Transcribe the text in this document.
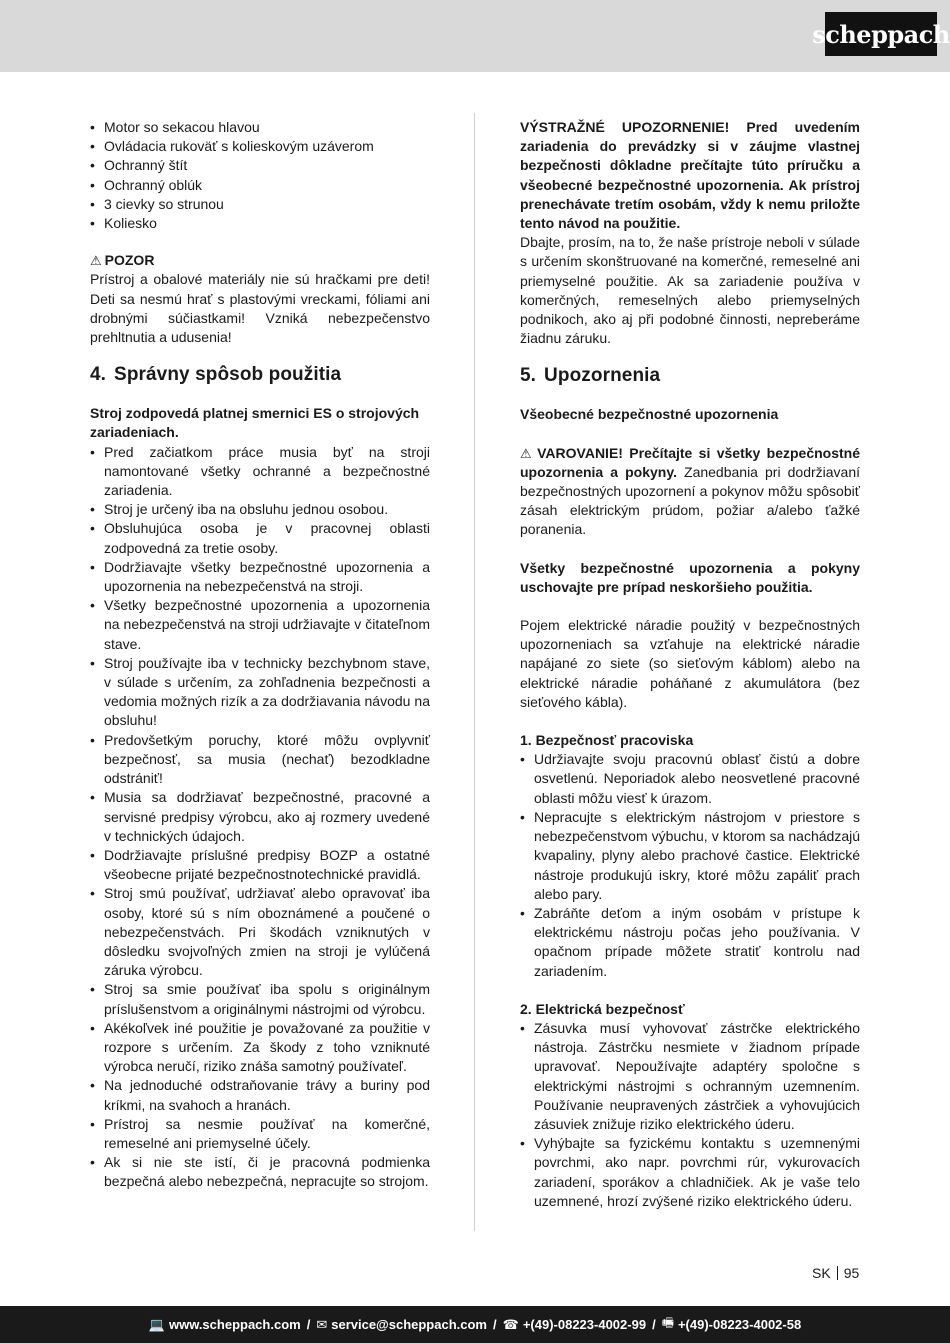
scheppach
• Motor so sekacou hlavou
• Ovládacia rukoväť s kolieskovým uzáverom
• Ochranný štít
• Ochranný oblúk
• 3 cievky so strunou
• Koliesko
⚠ POZOR

Prístroj a obalové materiály nie sú hračkami pre deti! Deti sa nesmú hrať s plastovými vreckami, fóliami ani drobnými súčiastkami! Vzniká nebezpečenstvo prehltnutia a udusenia!

4. Správny spôsob použitia

Stroj zodpovedá platnej smernici ES o strojových zariadeniach.

• Pred začiatkom práce musia byť na stroji namontované všetky ochranné a bezpečnostné zariadenia.
• Stroj je určený iba na obsluhu jednou osobou.
• Obsluhujúca osoba je v pracovnej oblasti zodpovedná za tretie osoby.
• Dodržiavajte všetky bezpečnostné upozornenia a upozornenia na nebezpečenstvá na stroji.
• Všetky bezpečnostné upozornenia a upozornenia na nebezpečenstvá na stroji udržiavajte v čitateľnom stave.
• Stroj používajte iba v technicky bezchybnom stave, v súlade s určením, za zohľadnenia bezpečnosti a vedomia možných rizík a za dodržiavania návodu na obsluhu!
• Predovšetkým poruchy, ktoré môžu ovplyvniť bezpečnosť, sa musia (nechať) bezodkladne odstrániť!
• Musia sa dodržiavať bezpečnostné, pracovné a servisné predpisy výrobcu, ako aj rozmery uvedené v technických údajoch.
• Dodržiavajte príslušné predpisy BOZP a ostatné všeobecne prijaté bezpečnostnotechnické pravidlá.
• Stroj smú používať, udržiavať alebo opravovať iba osoby, ktoré sú s ním oboznámené a poučené o nebezpečenstvách. Pri škodách vzniknutých v dôsledku svojvoľných zmien na stroji je vylúčená záruka výrobcu.
• Stroj sa smie používať iba spolu s originálnym príslušenstvom a originálnymi nástrojmi od výrobcu.
• Akékoľvek iné použitie je považované za použitie v rozpore s určením. Za škody z toho vzniknuté výrobca neručí, riziko znáša samotný používateľ.
• Na jednoduché odstraňovanie trávy a buriny pod kríkmi, na svahoch a hranách.
• Prístroj sa nesmie používať na komerčné, remeselné ani priemyselné účely.
• Ak si nie ste istí, či je pracovná podmienka bezpečná alebo nebezpečná, nepracujte so strojom.

VÝSTRAŽNÉ UPOZORNENIE! Pred uvedením zariadenia do prevádzky si v záujme vlastnej bezpečnosti dôkladne prečítajte túto príručku a všeobecné bezpečnostné upozornenia. Ak prístroj prenechávate tretím osobám, vždy k nemu priložte tento návod na použitie.

Dbajte, prosím, na to, že naše prístroje neboli v súlade s určením skonštruované na komerčné, remeselné ani priemyselné použitie. Ak sa zariadenie používa v komerčných, remeselných alebo priemyselných podnikoch, ako aj při podobné činnosti, nepreberáme žiadnu záruku.

5. Upozornenia

Všeobecné bezpečnostné upozornenia

⚠ VAROVANIE! Prečítajte si všetky bezpečnostné upozornenia a pokyny. Zanedbania pri dodržiavaní bezpečnostných upozornení a pokynov môžu spôsobiť zásah elektrickým prúdom, požiar a/alebo ťažké poranenia.

Všetky bezpečnostné upozornenia a pokyny uschovajte pre prípad neskoršieho použitia.

Pojem elektrické náradie použitý v bezpečnostných upozorneniach sa vzťahuje na elektrické náradie napájané zo siete (so sieťovým káblom) alebo na elektrické náradie poháňané z akumulátora (bez sieťového kábla).

1. Bezpečnosť pracoviska

• Udržiavajte svoju pracovnú oblasť čistú a dobre osvetlenú. Neporiadok alebo neosvetlené pracovné oblasti môžu viesť k úrazom.
• Nepracujte s elektrickým nástrojom v priestore s nebezpečenstvom výbuchu, v ktorom sa nachádzajú kvapaliny, plyny alebo prachové častice. Elektrické nástroje produkujú iskry, ktoré môžu zapáliť prach alebo pary.
• Zabráňte deťom a iným osobám v prístupe k elektrickému nástroju počas jeho používania. V opačnom prípade môžete stratiť kontrolu nad zariadením.

2. Elektrická bezpečnosť

• Zásuvka musí vyhovovať zástrčke elektrického nástroja. Zástrčku nesmiete v žiadnom prípade upravovať. Nepoužívajte adaptéry spoločne s elektrickými nástrojmi s ochranným uzemnením. Používanie neupravených zástrčiek a vyhovujúcich zásuviek znižuje riziko elektrického úderu.
• Vyhýbajte sa fyzickému kontaktu s uzemnenými povrchmi, ako napr. povrchmi rúr, vykurovacích zariadení, sporákov a chladničiek. Ak je vaše telo uzemnené, hrozí zvýšené riziko elektrického úderu.
SK 95
💻 www.scheppach.com / ✉ service@scheppach.com / ☎ +(49)-08223-4002-99 / 🖷 +(49)-08223-4002-58
